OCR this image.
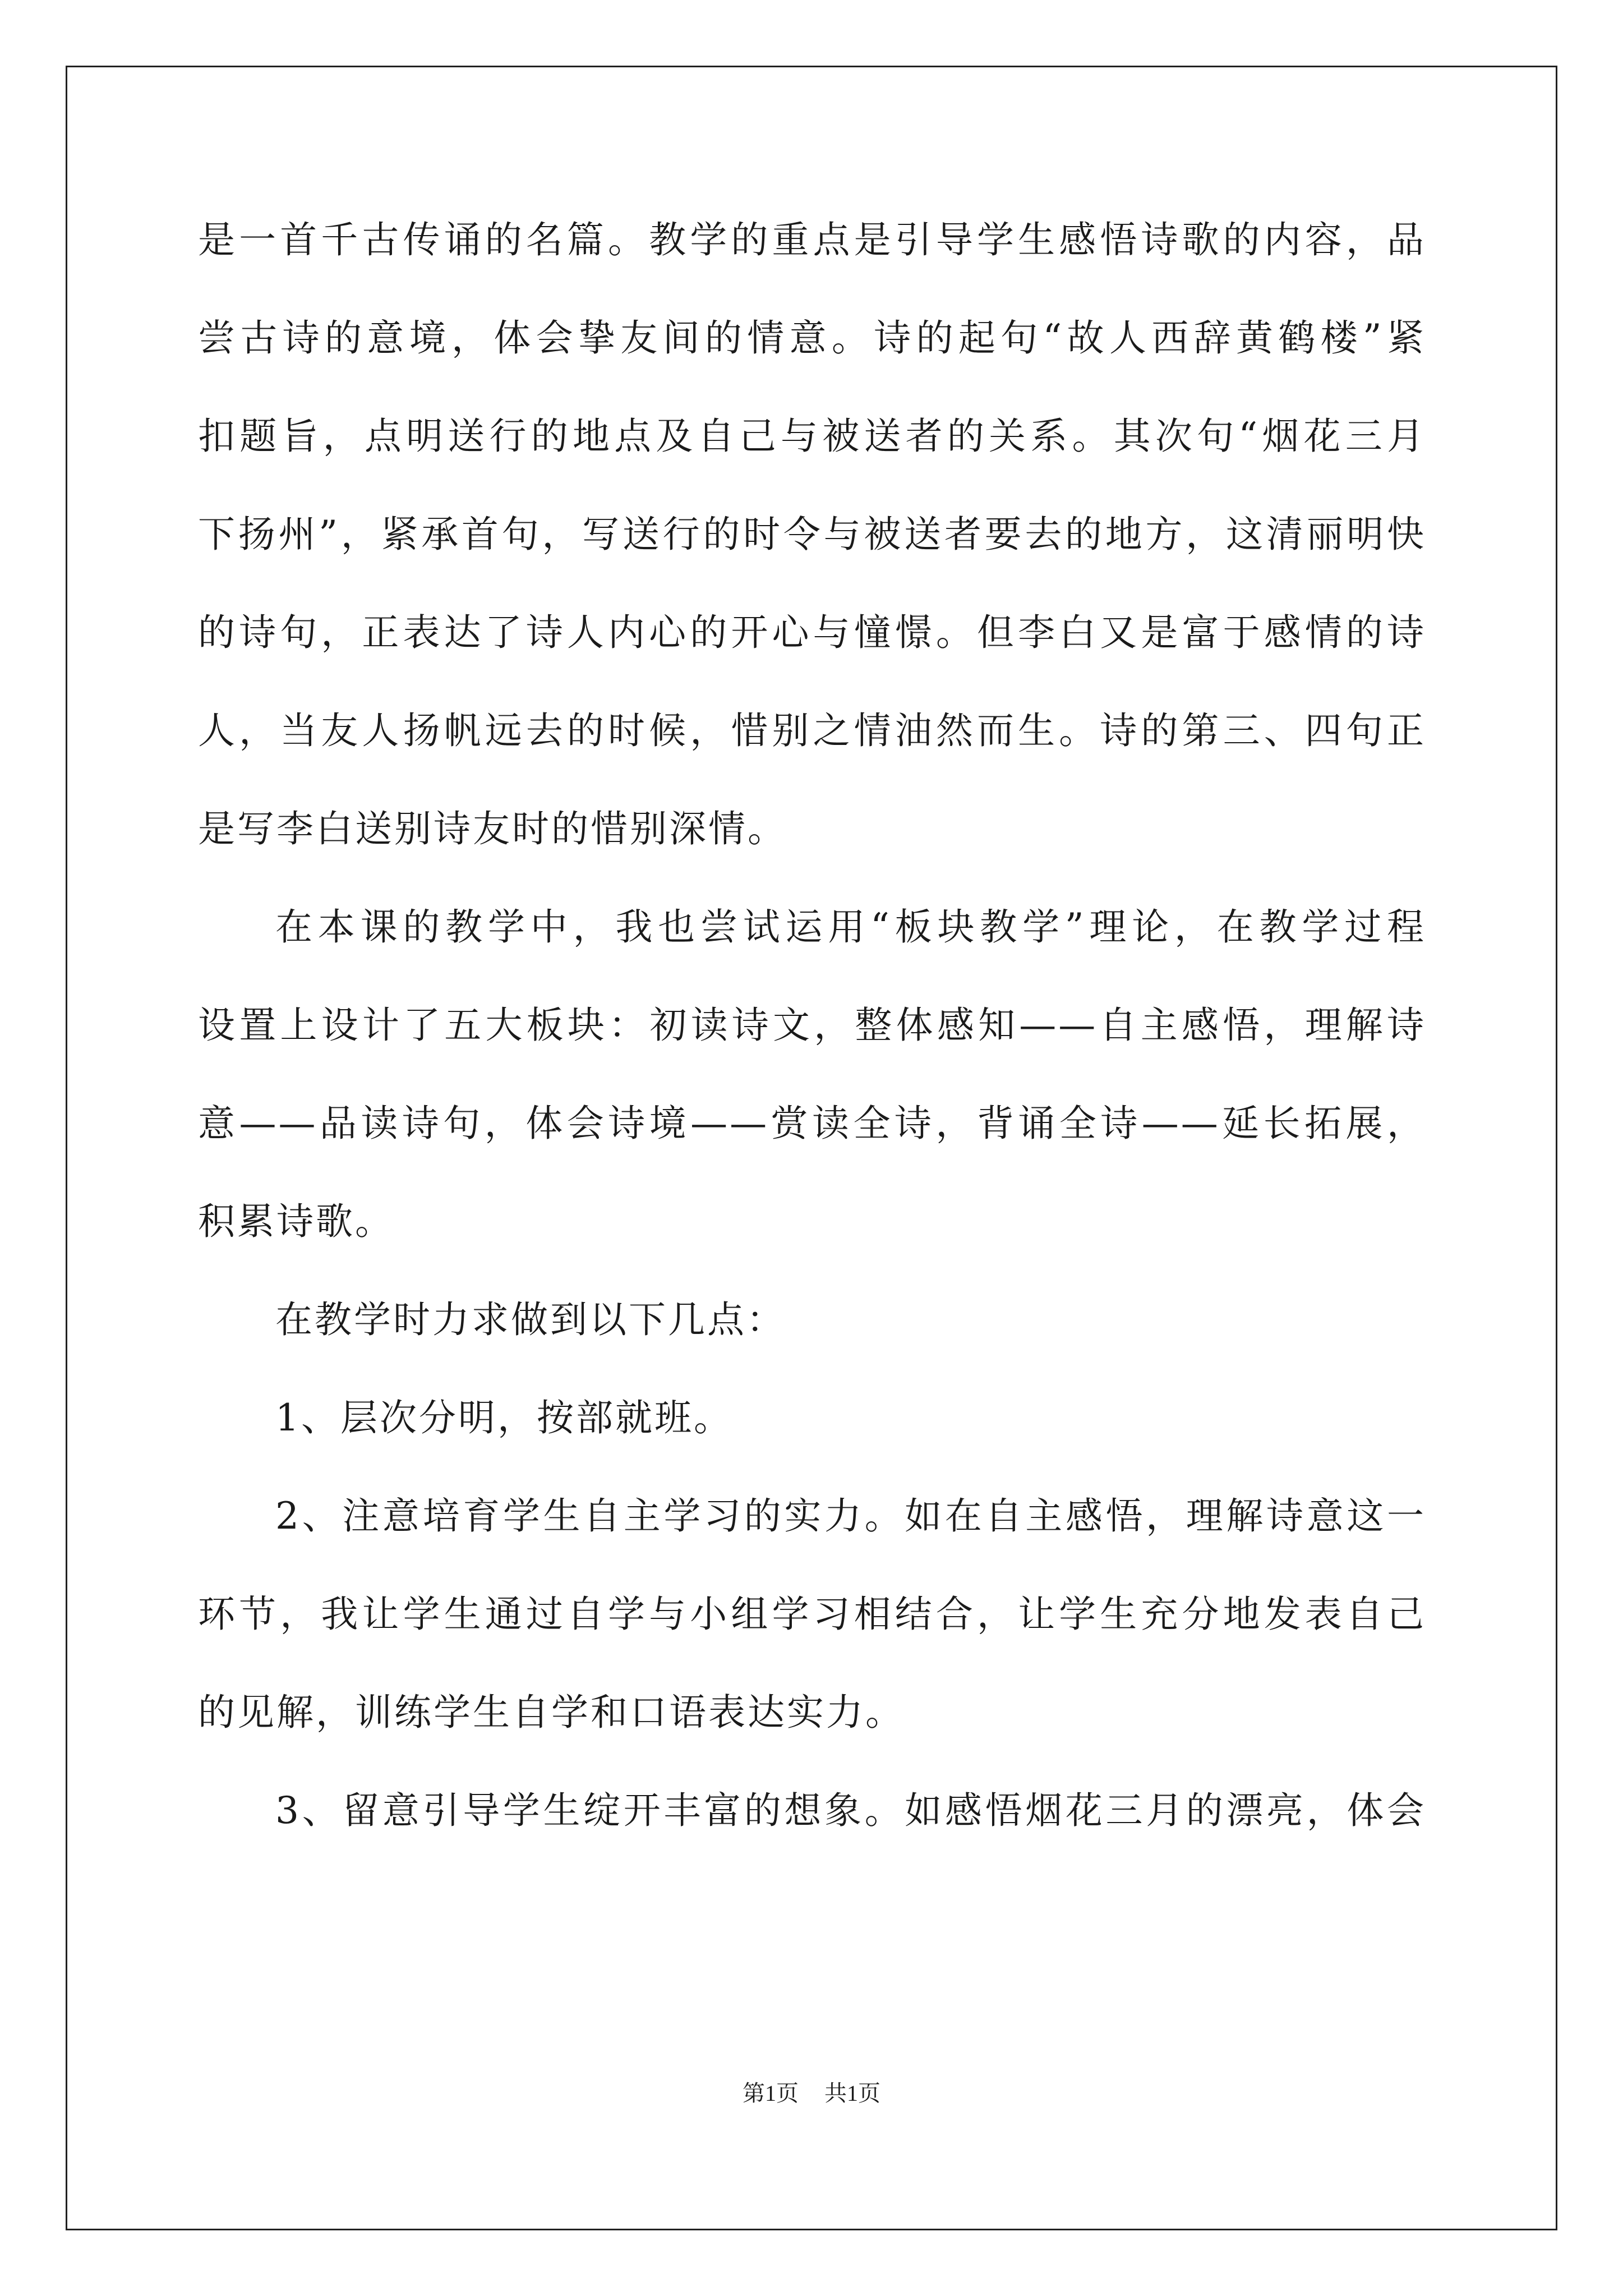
是一首千古传诵的名篇。教学的重点是引导学生感悟诗歌的内容，品
尝古诗的意境，体会挚友间的情意。诗的起句“故人西辞黄鹤楼”紧
扣题旨，点明送行的地点及自己与被送者的关系。其次句“烟花三月
下扬州”，紧承首句，写送行的时令与被送者要去的地方，这清丽明快
的诗句，正表达了诗人内心的开心与憧憬。但李白又是富于感情的诗
人，当友人扬帆远去的时候，惜别之情油然而生。诗的第三、四句正
是写李白送别诗友时的惜别深情。
在本课的教学中，我也尝试运用“板块教学”理论，在教学过程
设置上设计了五大板块：初读诗文，整体感知——自主感悟，理解诗
意——品读诗句，体会诗境——赏读全诗，背诵全诗——延长拓展，
积累诗歌。
在教学时力求做到以下几点：
1、层次分明，按部就班。
2、注意培育学生自主学习的实力。如在自主感悟，理解诗意这一
环节，我让学生通过自学与小组学习相结合，让学生充分地发表自己
的见解，训练学生自学和口语表达实力。
3、留意引导学生绽开丰富的想象。如感悟烟花三月的漂亮，体会
第1页 共1页
